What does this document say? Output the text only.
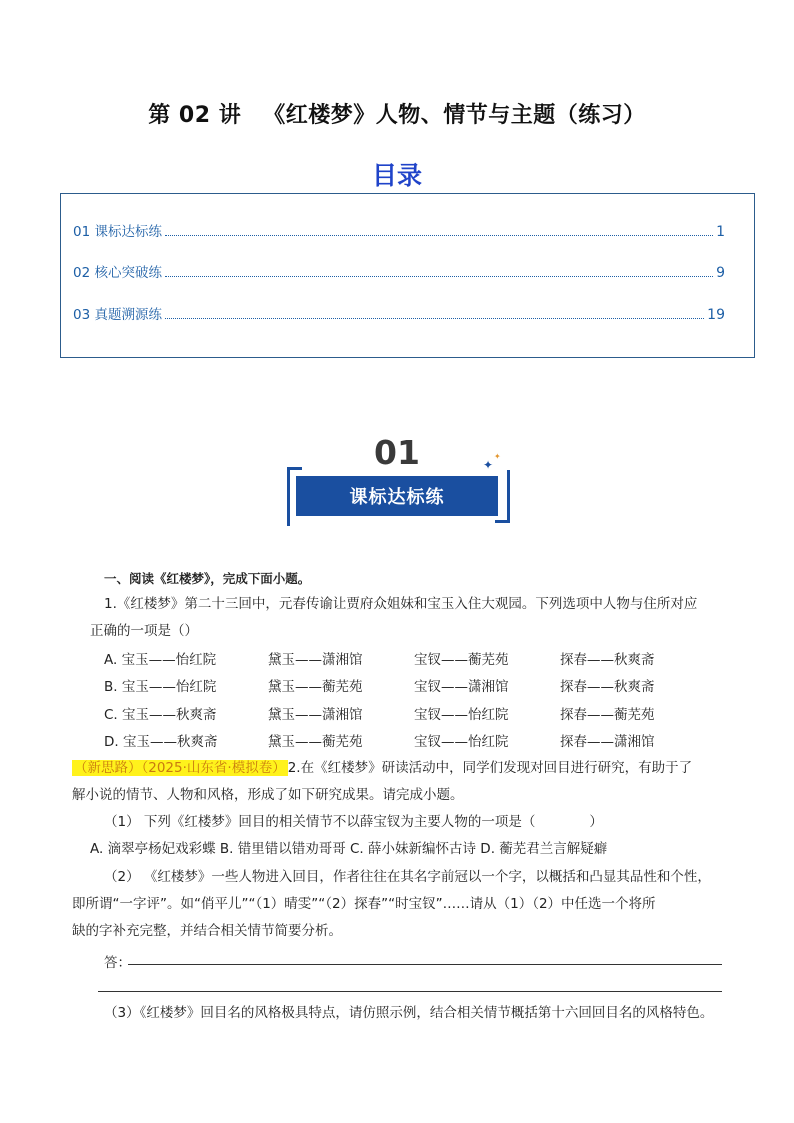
第 02 讲 《红楼梦》人物、情节与主题（练习）
目录
01 课标达标练	1
02 核心突破练	9
03 真题溯源练	19
01
课标达标练
✦
✦
一、阅读《红楼梦》，完成下面小题。
1.《红楼梦》第二十三回中，元春传谕让贾府众姐妹和宝玉入住大观园。下列选项中人物与住所对应
正确的一项是（）
A. 宝玉——怡红院	黛玉——潇湘馆	宝钗——蘅芜苑	探春——秋爽斋
B. 宝玉——怡红院	黛玉——蘅芜苑	宝钗——潇湘馆	探春——秋爽斋
C. 宝玉——秋爽斋	黛玉——潇湘馆	宝钗——怡红院	探春——蘅芜苑
D. 宝玉——秋爽斋	黛玉——蘅芜苑	宝钗——怡红院	探春——潇湘馆
（新思路）（2025·山东省·模拟卷） 2.在《红楼梦》研读活动中，同学们发现对回目进行研究，有助于了
解小说的情节、人物和风格，形成了如下研究成果。请完成小题。
（1） 下列《红楼梦》回目的相关情节不以薛宝钗为主要人物的一项是（　　　　）
A. 滴翠亭杨妃戏彩蝶 B. 错里错以错劝哥哥 C. 薛小妹新编怀古诗 D. 蘅芜君兰言解疑癖
（2） 《红楼梦》一些人物进入回目，作者往往在其名字前冠以一个字，以概括和凸显其品性和个性，
即所谓“一字评”。如“俏平儿”“（1）晴雯”“（2）探春”“时宝钗”……请从（1）（2）中任选一个将所
缺的字补充完整，并结合相关情节简要分析。
答：
（3）《红楼梦》回目名的风格极具特点，请仿照示例，结合相关情节概括第十六回回目名的风格特色。
